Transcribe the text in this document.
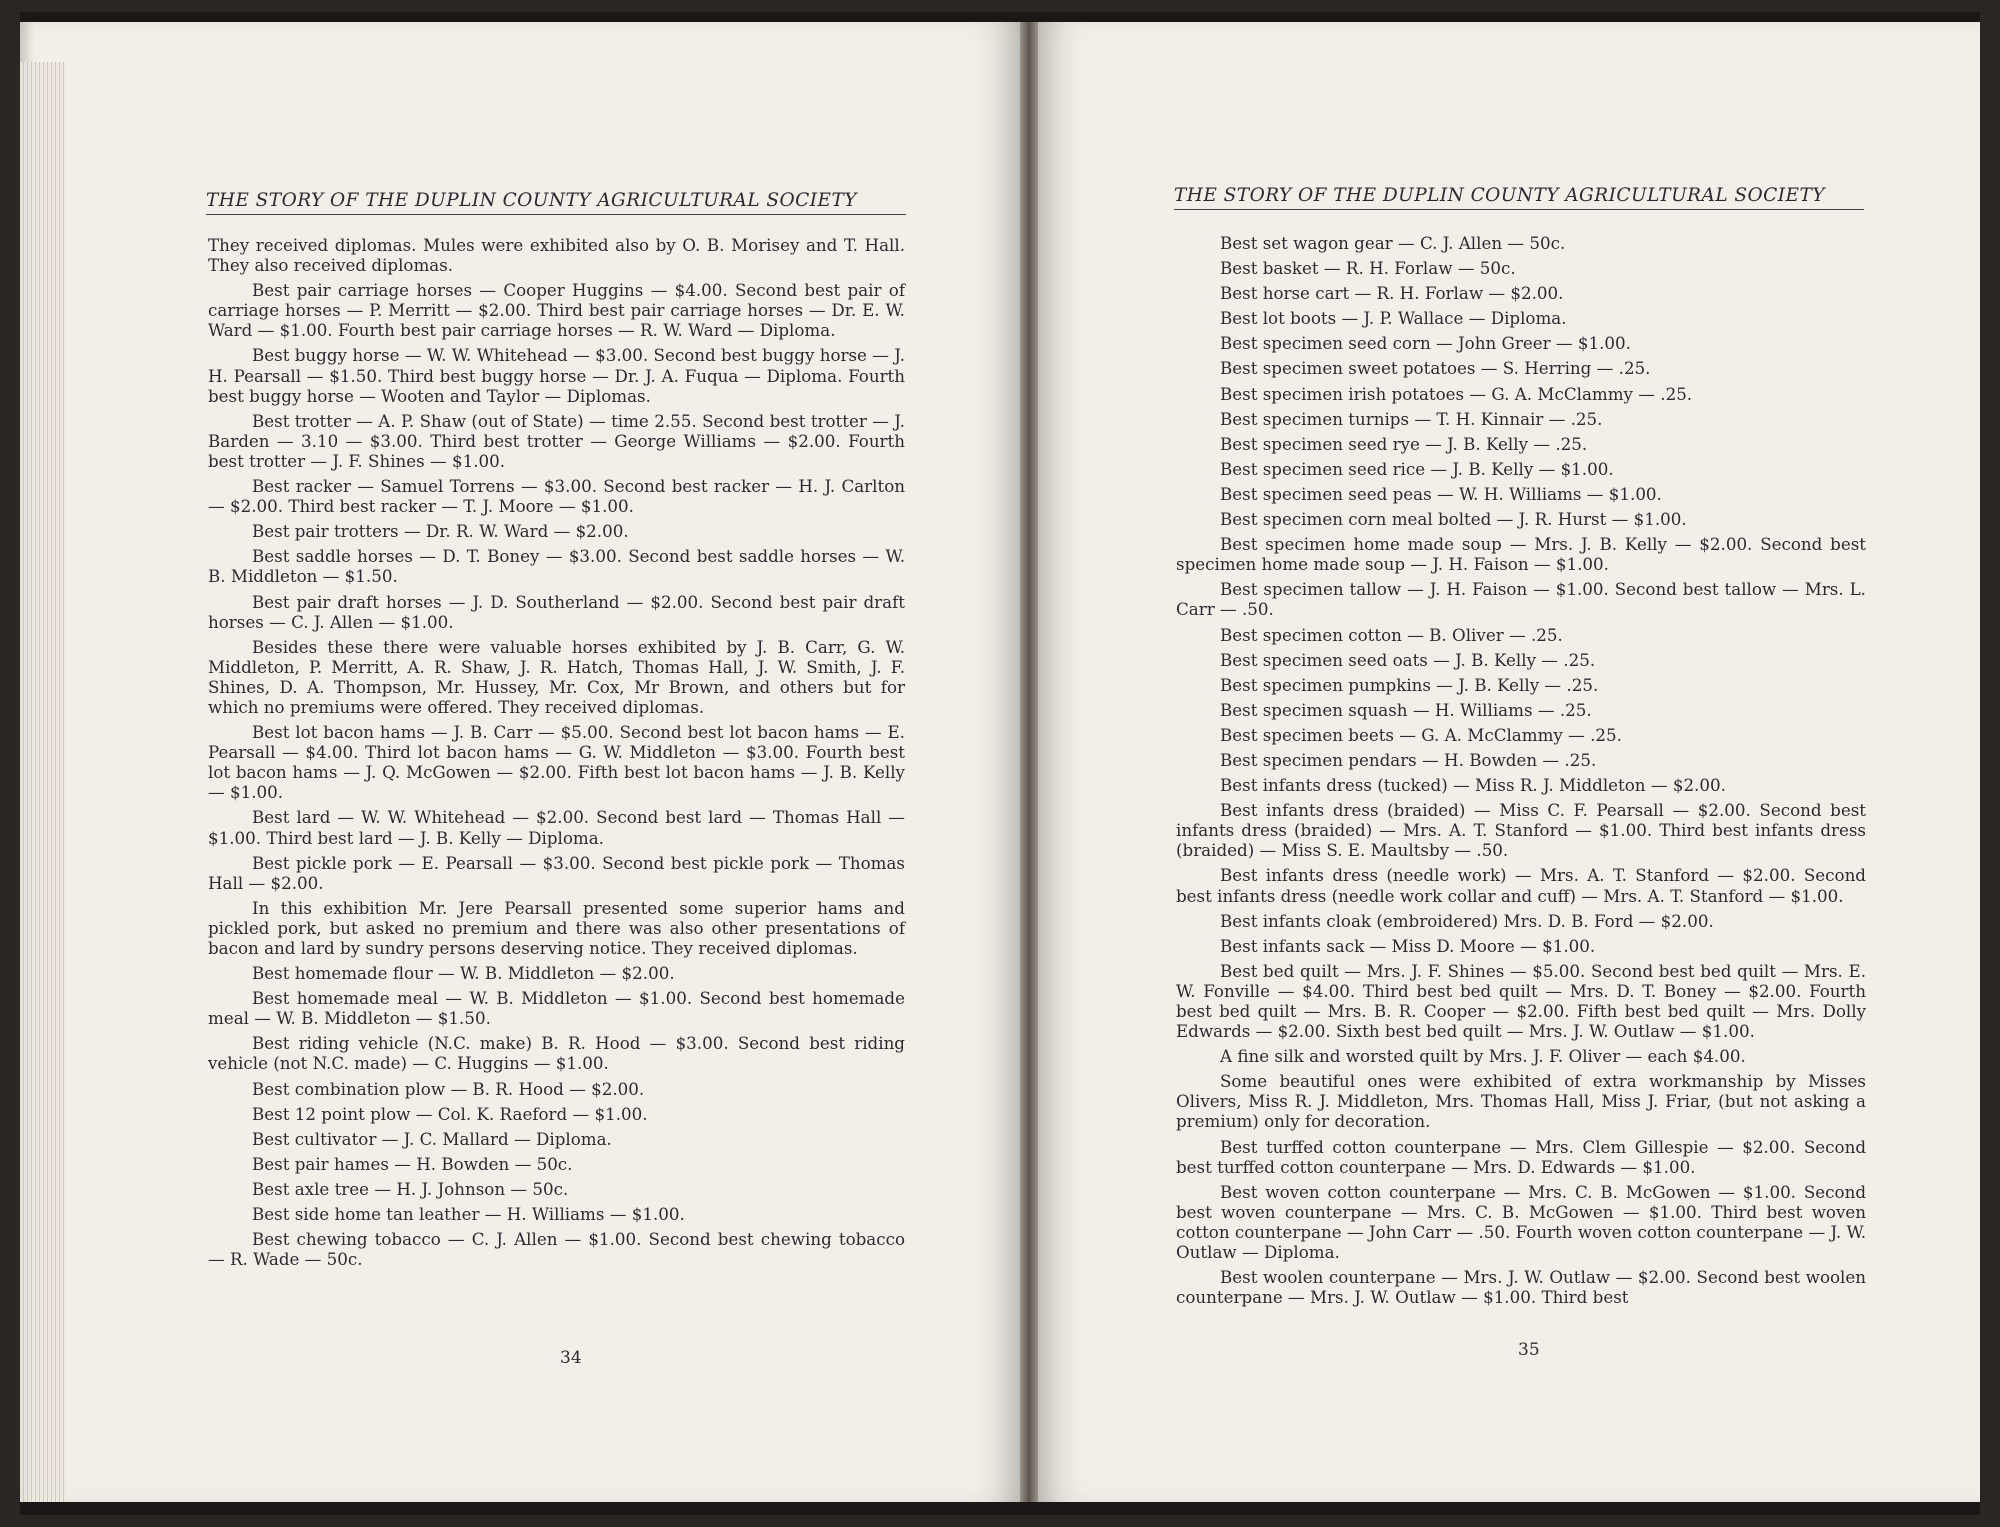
THE STORY OF THE DUPLIN COUNTY AGRICULTURAL SOCIETY

They received diplomas. Mules were exhibited also by O. B. Morisey and T. Hall. They also received diplomas.

Best pair carriage horses — Cooper Huggins — $4.00. Second best pair of carriage horses — P. Merritt — $2.00. Third best pair carriage horses — Dr. E. W. Ward — $1.00. Fourth best pair carriage horses — R. W. Ward — Diploma.

Best buggy horse — W. W. Whitehead — $3.00. Second best buggy horse — J. H. Pearsall — $1.50. Third best buggy horse — Dr. J. A. Fuqua — Diploma. Fourth best buggy horse — Wooten and Taylor — Diplomas.

Best trotter — A. P. Shaw (out of State) — time 2.55. Second best trotter — J. Barden — 3.10 — $3.00. Third best trotter — George Williams — $2.00. Fourth best trotter — J. F. Shines — $1.00.

Best racker — Samuel Torrens — $3.00. Second best racker — H. J. Carlton — $2.00. Third best racker — T. J. Moore — $1.00.

Best pair trotters — Dr. R. W. Ward — $2.00.

Best saddle horses — D. T. Boney — $3.00. Second best saddle horses — W. B. Middleton — $1.50.

Best pair draft horses — J. D. Southerland — $2.00. Second best pair draft horses — C. J. Allen — $1.00.

Besides these there were valuable horses exhibited by J. B. Carr, G. W. Middleton, P. Merritt, A. R. Shaw, J. R. Hatch, Thomas Hall, J. W. Smith, J. F. Shines, D. A. Thompson, Mr. Hussey, Mr. Cox, Mr Brown, and others but for which no premiums were offered. They received diplomas.

Best lot bacon hams — J. B. Carr — $5.00. Second best lot bacon hams — E. Pearsall — $4.00. Third lot bacon hams — G. W. Middleton — $3.00. Fourth best lot bacon hams — J. Q. McGowen — $2.00. Fifth best lot bacon hams — J. B. Kelly — $1.00.

Best lard — W. W. Whitehead — $2.00. Second best lard — Thomas Hall — $1.00. Third best lard — J. B. Kelly — Diploma.

Best pickle pork — E. Pearsall — $3.00. Second best pickle pork — Thomas Hall — $2.00.

In this exhibition Mr. Jere Pearsall presented some superior hams and pickled pork, but asked no premium and there was also other presentations of bacon and lard by sundry persons deserving notice. They received diplomas.

Best homemade flour — W. B. Middleton — $2.00.

Best homemade meal — W. B. Middleton — $1.00. Second best homemade meal — W. B. Middleton — $1.50.

Best riding vehicle (N.C. make) B. R. Hood — $3.00. Second best riding vehicle (not N.C. made) — C. Huggins — $1.00.

Best combination plow — B. R. Hood — $2.00.

Best 12 point plow — Col. K. Raeford — $1.00.

Best cultivator — J. C. Mallard — Diploma.

Best pair hames — H. Bowden — 50c.

Best axle tree — H. J. Johnson — 50c.

Best side home tan leather — H. Williams — $1.00.

Best chewing tobacco — C. J. Allen — $1.00. Second best chewing tobacco — R. Wade — 50c.

34
THE STORY OF THE DUPLIN COUNTY AGRICULTURAL SOCIETY

Best set wagon gear — C. J. Allen — 50c.

Best basket — R. H. Forlaw — 50c.

Best horse cart — R. H. Forlaw — $2.00.

Best lot boots — J. P. Wallace — Diploma.

Best specimen seed corn — John Greer — $1.00.

Best specimen sweet potatoes — S. Herring — .25.

Best specimen irish potatoes — G. A. McClammy — .25.

Best specimen turnips — T. H. Kinnair — .25.

Best specimen seed rye — J. B. Kelly — .25.

Best specimen seed rice — J. B. Kelly — $1.00.

Best specimen seed peas — W. H. Williams — $1.00.

Best specimen corn meal bolted — J. R. Hurst — $1.00.

Best specimen home made soup — Mrs. J. B. Kelly — $2.00. Second best specimen home made soup — J. H. Faison — $1.00.

Best specimen tallow — J. H. Faison — $1.00. Second best tallow — Mrs. L. Carr — .50.

Best specimen cotton — B. Oliver — .25.

Best specimen seed oats — J. B. Kelly — .25.

Best specimen pumpkins — J. B. Kelly — .25.

Best specimen squash — H. Williams — .25.

Best specimen beets — G. A. McClammy — .25.

Best specimen pendars — H. Bowden — .25.

Best infants dress (tucked) — Miss R. J. Middleton — $2.00.

Best infants dress (braided) — Miss C. F. Pearsall — $2.00. Second best infants dress (braided) — Mrs. A. T. Stanford — $1.00. Third best infants dress (braided) — Miss S. E. Maultsby — .50.

Best infants dress (needle work) — Mrs. A. T. Stanford — $2.00. Second best infants dress (needle work collar and cuff) — Mrs. A. T. Stanford — $1.00.

Best infants cloak (embroidered) Mrs. D. B. Ford — $2.00.

Best infants sack — Miss D. Moore — $1.00.

Best bed quilt — Mrs. J. F. Shines — $5.00. Second best bed quilt — Mrs. E. W. Fonville — $4.00. Third best bed quilt — Mrs. D. T. Boney — $2.00. Fourth best bed quilt — Mrs. B. R. Cooper — $2.00. Fifth best bed quilt — Mrs. Dolly Edwards — $2.00. Sixth best bed quilt — Mrs. J. W. Outlaw — $1.00.

A fine silk and worsted quilt by Mrs. J. F. Oliver — each $4.00.

Some beautiful ones were exhibited of extra workmanship by Misses Olivers, Miss R. J. Middleton, Mrs. Thomas Hall, Miss J. Friar, (but not asking a premium) only for decoration.

Best turffed cotton counterpane — Mrs. Clem Gillespie — $2.00. Second best turffed cotton counterpane — Mrs. D. Edwards — $1.00.

Best woven cotton counterpane — Mrs. C. B. McGowen — $1.00. Second best woven counterpane — Mrs. C. B. McGowen — $1.00. Third best woven cotton counterpane — John Carr — .50. Fourth woven cotton counterpane — J. W. Outlaw — Diploma.

Best woolen counterpane — Mrs. J. W. Outlaw — $2.00. Second best woolen counterpane — Mrs. J. W. Outlaw — $1.00. Third best

35
